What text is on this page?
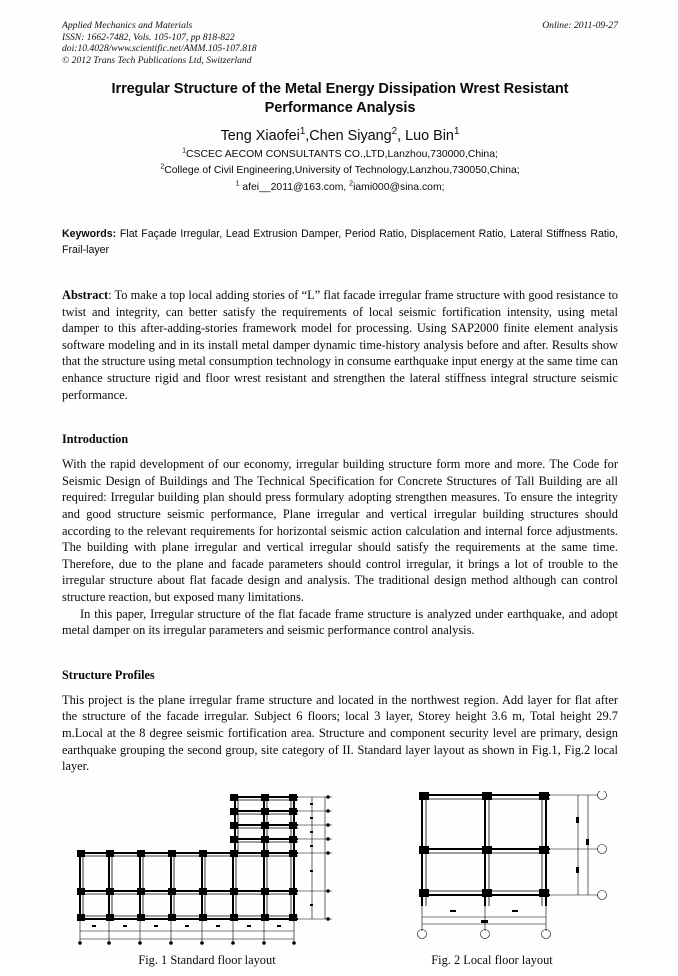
Applied Mechanics and Materials
ISSN: 1662-7482, Vols. 105-107, pp 818-822
doi:10.4028/www.scientific.net/AMM.105-107.818
© 2012 Trans Tech Publications Ltd, Switzerland
Online: 2011-09-27
Irregular Structure of the Metal Energy Dissipation Wrest Resistant Performance Analysis
Teng Xiaofei$^1$,Chen Siyang$^2$, Luo Bin$^1$
$^1$CSCEC AECOM CONSULTANTS CO.,LTD,Lanzhou,730000,China;
$^2$College of Civil Engineering,University of Technology,Lanzhou,730050,China;
$^1$ afei__2011@163.com, $^2$iami000@sina.com;
Keywords: Flat Façade Irregular, Lead Extrusion Damper, Period Ratio, Displacement Ratio, Lateral Stiffness Ratio, Frail-layer
Abstract: To make a top local adding stories of “L” flat facade irregular frame structure with good resistance to twist and integrity, can better satisfy the requirements of local seismic fortification intensity, using metal damper to this after-adding-stories framework model for processing. Using SAP2000 finite element analysis software modeling and in its install metal damper dynamic time-history analysis before and after. Results show that the structure using metal consumption technology in consume earthquake input energy at the same time can enhance structure rigid and floor wrest resistant and strengthen the lateral stiffness integral structure seismic performance.
Introduction
With the rapid development of our economy, irregular building structure form more and more. The Code for Seismic Design of Buildings and The Technical Specification for Concrete Structures of Tall Building are all required: Irregular building plan should press formulary adopting strengthen measures. To ensure the integrity and good structure seismic performance, Plane irregular and vertical irregular building structures should according to the relevant requirements for horizontal seismic action calculation and internal force adjustments. The building with plane irregular and vertical irregular should satisfy the requirements at the same time. Therefore, due to the plane and facade parameters should control irregular, it brings a lot of trouble to the irregular structure about flat facade design and analysis. The traditional design method although can control structure reaction, but exposed many limitations.
In this paper, Irregular structure of the flat facade frame structure is analyzed under earthquake, and adopt metal damper on its irregular parameters and seismic performance control analysis.
Structure Profiles
This project is the plane irregular frame structure and located in the northwest region. Add layer for flat after the structure of the facade irregular. Subject 6 floors; local 3 layer, Storey height 3.6 m, Total height 29.7 m.Local at the 8 degree seismic fortification area. Structure and component security level are primary, design earthquake grouping the second group, site category of II. Standard layer layout as shown in Fig.1, Fig.2 local layer.
Fig. 1 Standard floor layout	Fig. 2 Local floor layout
